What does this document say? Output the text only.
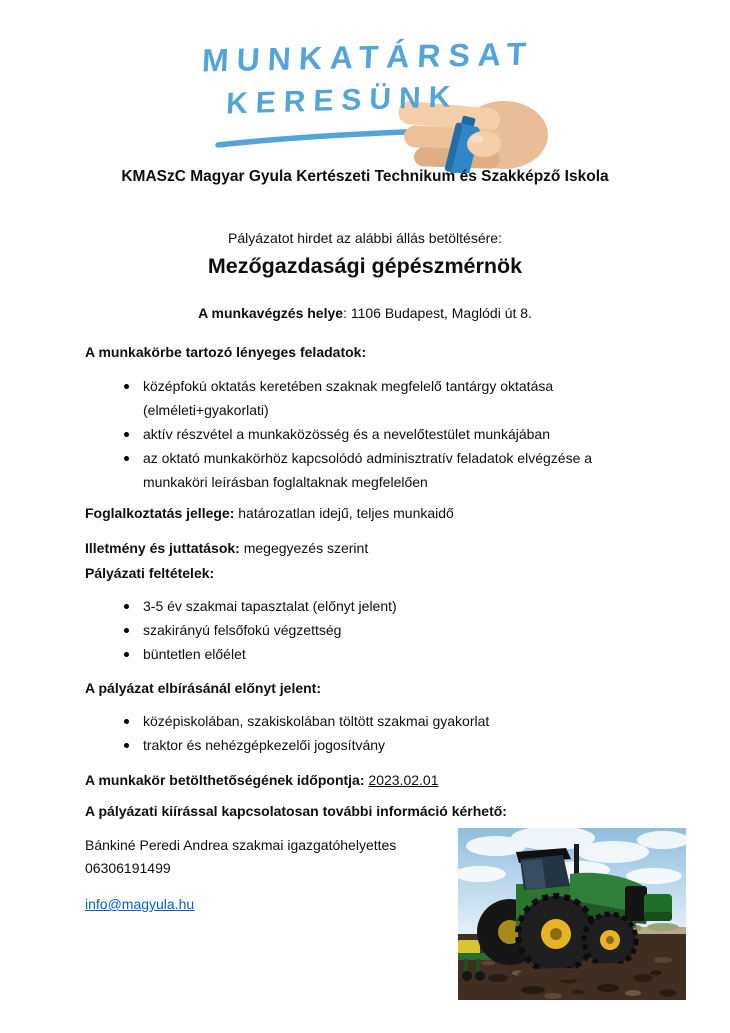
MUNKATÁRSAT
KERESÜNK
KMASzC Magyar Gyula Kertészeti Technikum és Szakképző Iskola
Pályázatot hirdet az alábbi állás betöltésére:
Mezőgazdasági gépészmérnök
A munkavégzés helye: 1106 Budapest, Maglódi út 8.
A munkakörbe tartozó lényeges feladatok:
középfokú oktatás keretében szaknak megfelelő tantárgy oktatása (elméleti+gyakorlati)
aktív részvétel a munkaközösség és a nevelőtestület munkájában
az oktató munkakörhöz kapcsolódó adminisztratív feladatok elvégzése a munkaköri leírásban foglaltaknak megfelelően
Foglalkoztatás jellege: határozatlan idejű, teljes munkaidő
Illetmény és juttatások: megegyezés szerint
Pályázati feltételek:
3-5 év szakmai tapasztalat (előnyt jelent)
szakirányú felsőfokú végzettség
büntetlen előélet
A pályázat elbírásánál előnyt jelent:
középiskolában, szakiskolában töltött szakmai gyakorlat
traktor és nehézgépkezelői jogosítvány
A munkakör betölthetőségének időpontja: 2023.02.01
A pályázati kiírással kapcsolatosan további információ kérhető:
Bánkiné Peredi Andrea szakmai igazgatóhelyettes
06306191499
info@magyula.hu
